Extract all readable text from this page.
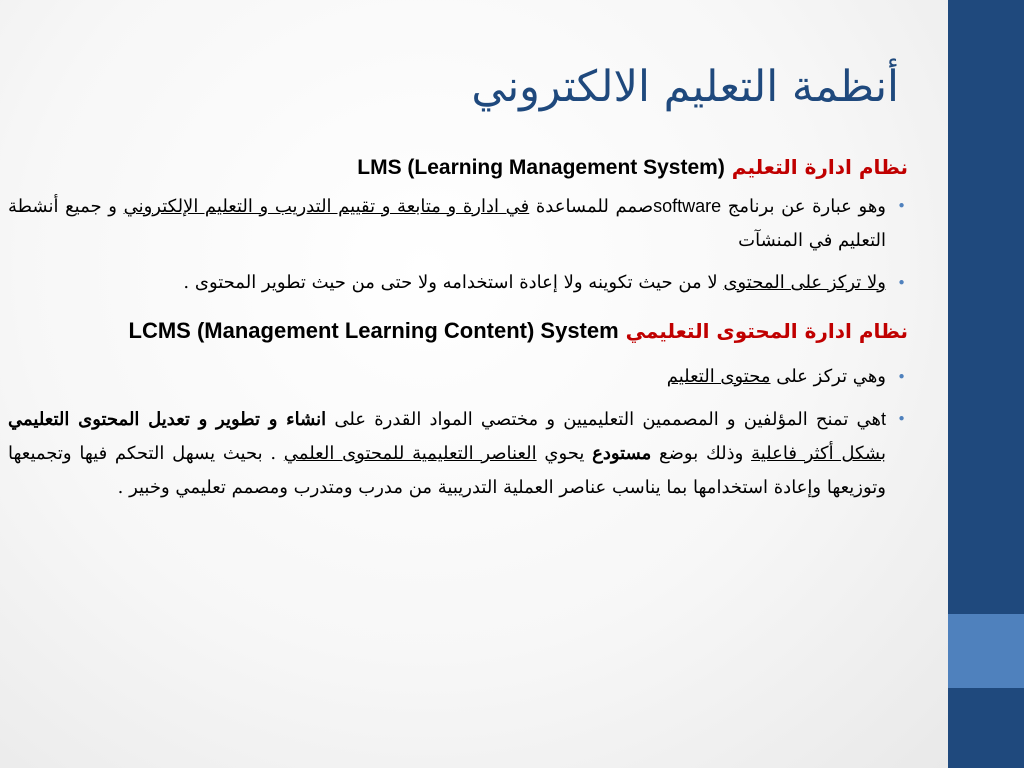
أنظمة التعليم الالكتروني

نظام ادارة التعليم LMS (Learning Management System)

•
وهو عبارة عن برنامج softwareصمم للمساعدة في ادارة و متابعة و تقييم التدريب و التعليم الإلكتروني و جميع أنشطة التعليم في المنشآت
•
ولا تركز على المحتوى لا من حيث تكوينه ولا إعادة استخدامه ولا حتى من حيث تطوير المحتوى .

نظام ادارة المحتوى التعليمي LCMS (Management Learning Content) System

•
وهي تركز على محتوى التعليم
•
tهي تمنح المؤلفين و المصممين التعليميين و مختصي المواد القدرة على انشاء و تطوير و تعديل المحتوى التعليمي بشكل أكثر فاعلية وذلك بوضع مستودع يحوي العناصر التعليمية للمحتوى العلمي . بحيث يسهل التحكم فيها وتجميعها وتوزيعها وإعادة استخدامها بما يناسب عناصر العملية التدريبية من مدرب ومتدرب ومصمم تعليمي وخبير .
